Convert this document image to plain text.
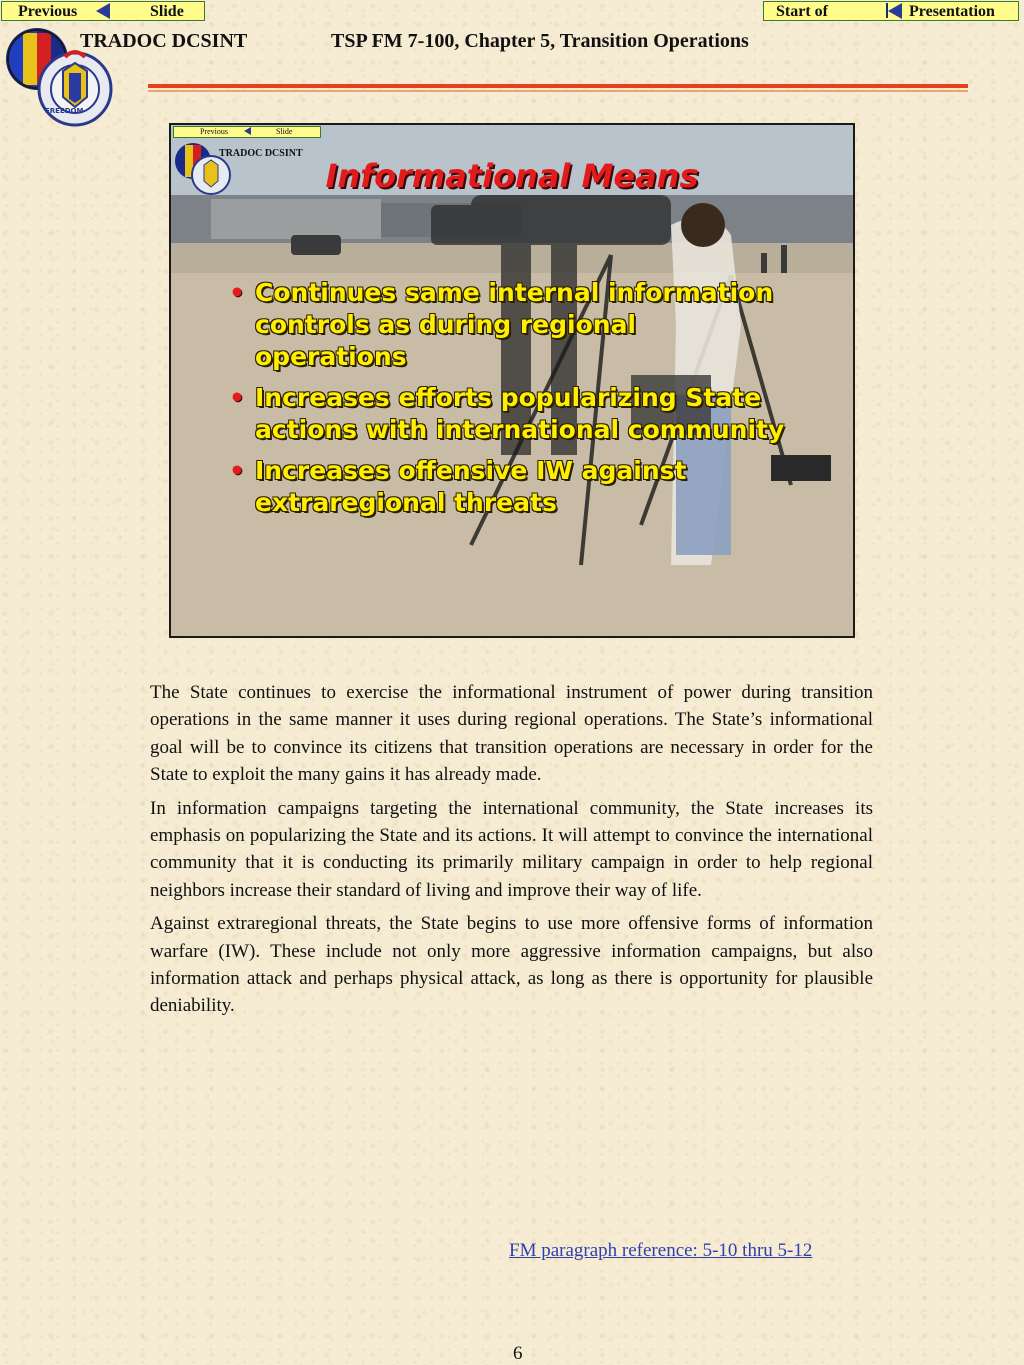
Previous	Slide	Start of	Presentation
FREEDOM
TRADOC DCSINT	TSP FM 7-100, Chapter 5, Transition Operations
Previous	Slide
TRADOC DCSINT
Informational Means
• Continues same internal information controls as during regional operations
• Increases efforts popularizing State actions with international community
• Increases offensive IW against extraregional threats

The State continues to exercise the informational instrument of power during transition operations in the same manner it uses during regional operations. The State’s informational goal will be to convince its citizens that transition operations are necessary in order for the State to exploit the many gains it has already made.

In information campaigns targeting the international community, the State increases its emphasis on popularizing the State and its actions. It will attempt to convince the international community that it is conducting its primarily military campaign in order to help regional neighbors increase their standard of living and improve their way of life.

Against extraregional threats, the State begins to use more offensive forms of information warfare (IW). These include not only more aggressive information campaigns, but also information attack and perhaps physical attack, as long as there is opportunity for plausible deniability.

FM paragraph reference: 5-10 thru 5-12
6
